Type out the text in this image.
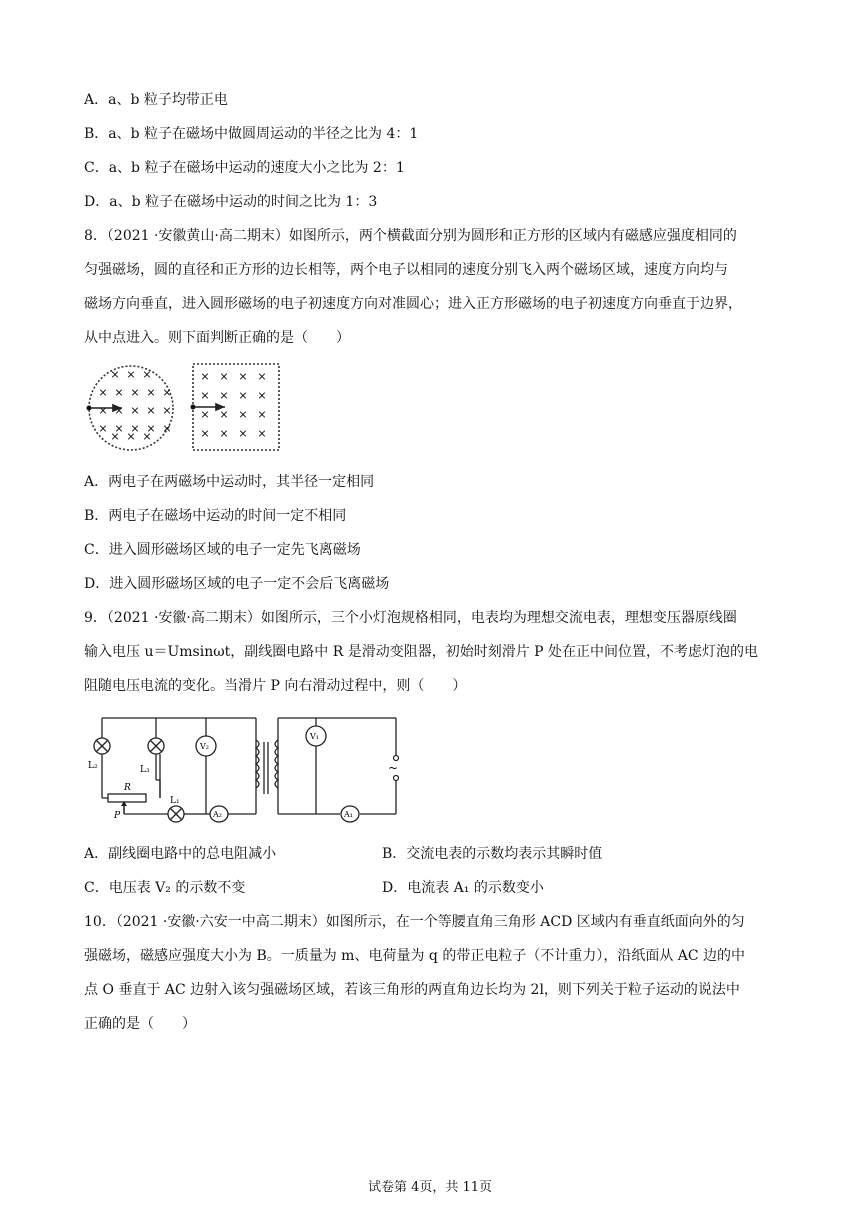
A．a、b 粒子均带正电
B．a、b 粒子在磁场中做圆周运动的半径之比为 4：1
C．a、b 粒子在磁场中运动的速度大小之比为 2：1
D．a、b 粒子在磁场中运动的时间之比为 1：3
8．（2021 ·安徽黄山·高二期末）如图所示，两个横截面分别为圆形和正方形的区域内有磁感应强度相同的
匀强磁场，圆的直径和正方形的边长相等，两个电子以相同的速度分别飞入两个磁场区域，速度方向均与
磁场方向垂直，进入圆形磁场的电子初速度方向对准圆心；进入正方形磁场的电子初速度方向垂直于边界，
从中点进入。则下面判断正确的是（　　）
× × ×
× × × × ×
× × × × ×
× × × × ×
× × ×
× × × ×
× × × ×
× × × ×
× × × ×
A．两电子在两磁场中运动时，其半径一定相同
B．两电子在磁场中运动的时间一定不相同
C．进入圆形磁场区域的电子一定先飞离磁场
D．进入圆形磁场区域的电子一定不会后飞离磁场
9．（2021 ·安徽·高二期末）如图所示，三个小灯泡规格相同，电表均为理想交流电表，理想变压器原线圈
输入电压 u＝Umsinωt，副线圈电路中 R 是滑动变阻器，初始时刻滑片 P 处在正中间位置，不考虑灯泡的电
阻随电压电流的变化。当滑片 P 向右滑动过程中，则（　　）
L₂	L₃
R
P
L₁
V₂
A₂
V₁
A₁
~
A．副线圈电路中的总电阻减小	B．交流电表的示数均表示其瞬时值
C．电压表 V₂ 的示数不变	D．电流表 A₁ 的示数变小
10．（2021 ·安徽·六安一中高二期末）如图所示，在一个等腰直角三角形 ACD 区域内有垂直纸面向外的匀
强磁场，磁感应强度大小为 B。一质量为 m、电荷量为 q 的带正电粒子（不计重力），沿纸面从 AC 边的中
点 O 垂直于 AC 边射入该匀强磁场区域，若该三角形的两直角边长均为 2l，则下列关于粒子运动的说法中
正确的是（　　）
试卷第 4页，共 11页
